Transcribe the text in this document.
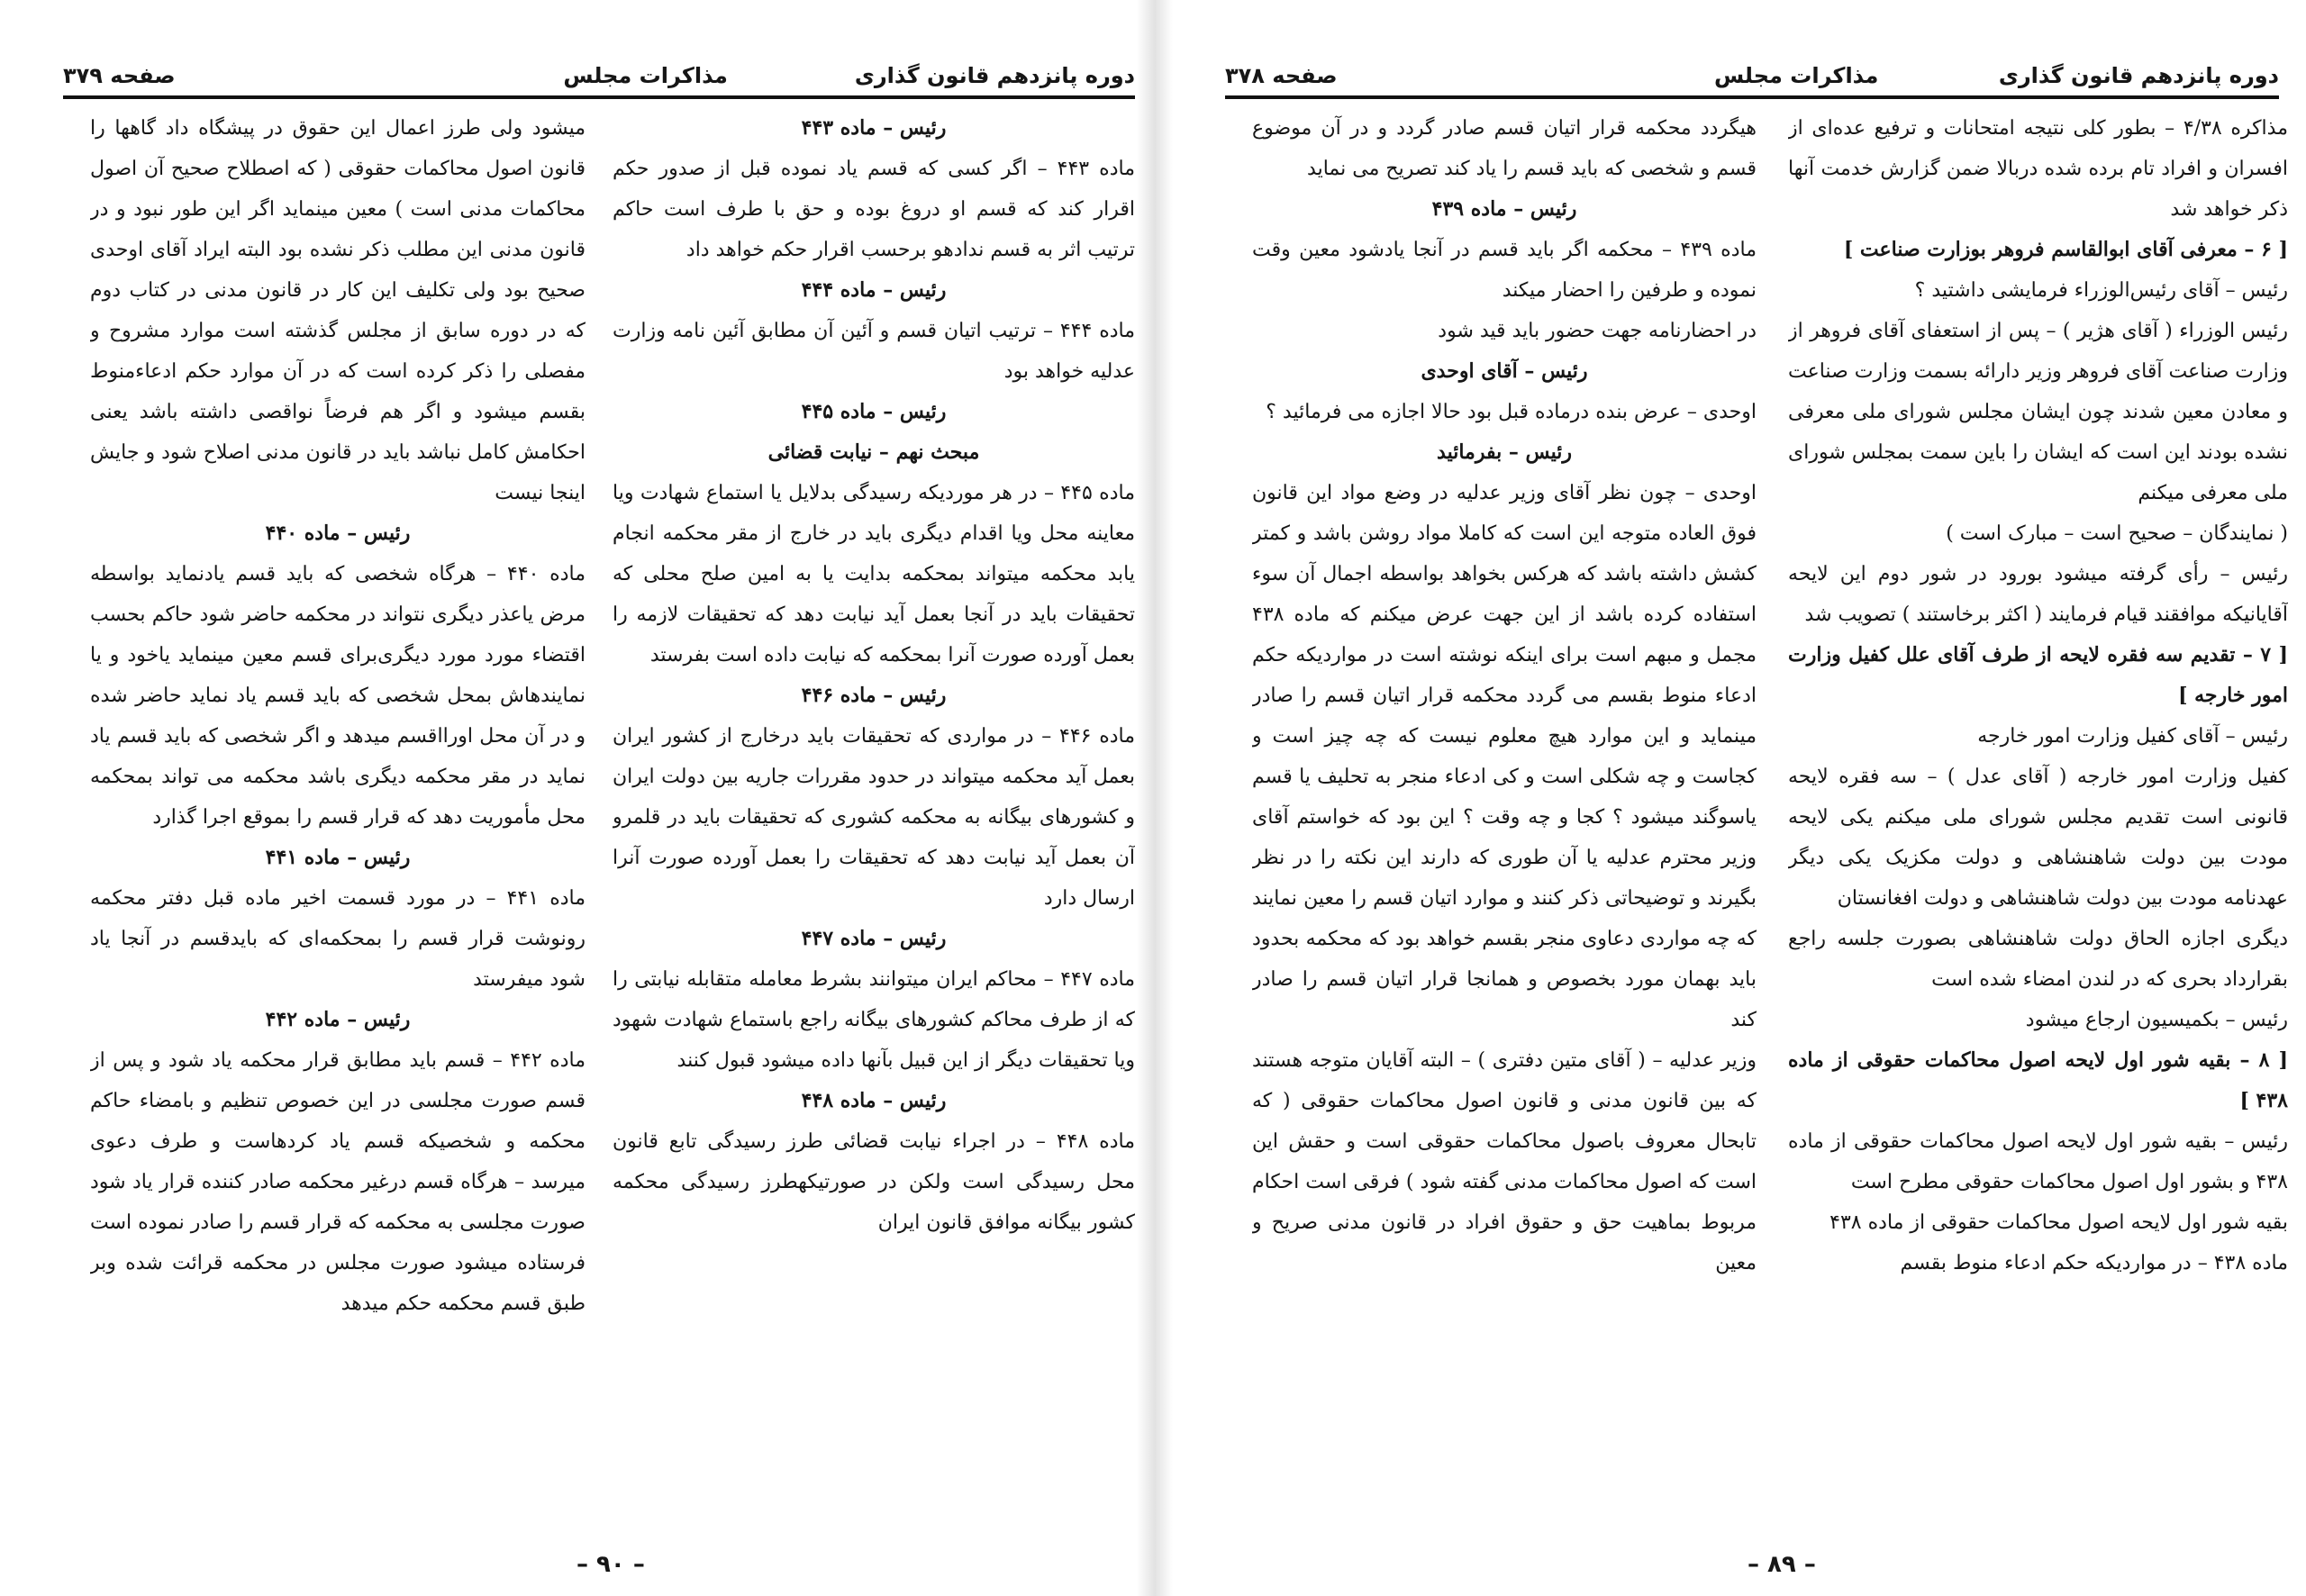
دوره پانزدهم قانون گذاری
مذاکرات مجلس
صفحه ۳۷۹

رئیس – ماده ۴۴۳

ماده ۴۴۳ – اگر کسی که قسم یاد نموده قبل از صدور حکم اقرار کند که قسم او دروغ بوده و حق با طرف است حاکم ترتیب اثر به قسم ندادهو برحسب اقرار حکم خواهد داد

رئیس – ماده ۴۴۴

ماده ۴۴۴ – ترتیب اتیان قسم و آئین آن مطابق آئین نامه وزارت عدلیه خواهد بود

رئیس – ماده ۴۴۵

مبحث نهم – نیابت قضائی

ماده ۴۴۵ – در هر موردیکه رسیدگی بدلایل یا استماع شهادت ویا معاینه محل ویا اقدام دیگری باید در خارج از مقر محکمه انجام یابد محکمه میتواند بمحکمه بدایت یا به امین صلح محلی که تحقیقات باید در آنجا بعمل آید نیابت دهد که تحقیقات لازمه را بعمل آورده صورت آنرا بمحکمه که نیابت داده است بفرستد

رئیس – ماده ۴۴۶

ماده ۴۴۶ – در مواردی که تحقیقات باید درخارج از کشور ایران بعمل آید محکمه میتواند در حدود مقررات جاریه بین دولت ایران و کشورهای بیگانه به محکمه کشوری که تحقیقات باید در قلمرو آن بعمل آید نیابت دهد که تحقیقات را بعمل آورده صورت آنرا ارسال دارد

رئیس – ماده ۴۴۷

ماده ۴۴۷ – محاکم ایران میتوانند بشرط معامله متقابله نیابتی را که از طرف محاکم کشورهای بیگانه راجع باستماع شهادت شهود ویا تحقیقات دیگر از این قبیل بآنها داده میشود قبول کنند

رئیس – ماده ۴۴۸

ماده ۴۴۸ – در اجراء نیابت قضائی طرز رسیدگی تابع قانون محل رسیدگی است ولکن در صورتیکهطرز رسیدگی محکمه کشور بیگانه موافق قانون ایران

میشود ولی طرز اعمال این حقوق در پیشگاه داد گاهها را قانون اصول محاکمات حقوقی ( که اصطلاح صحیح آن اصول محاکمات مدنی است ) معین مینماید اگر این طور نبود و در قانون مدنی این مطلب ذکر نشده بود البته ایراد آقای اوحدی صحیح بود ولی تکلیف این کار در قانون مدنی در کتاب دوم که در دوره سابق از مجلس گذشته است موارد مشروح و مفصلی را ذکر کرده است که در آن موارد حکم ادعاءمنوط بقسم میشود و اگر هم فرضاً نواقصی داشته باشد یعنی احکامش کامل نباشد باید در قانون مدنی اصلاح شود و جایش اینجا نیست

رئیس – ماده ۴۴۰

ماده ۴۴۰ – هرگاه شخصی که باید قسم یادنماید بواسطه مرض یاعذر دیگری نتواند در محکمه حاضر شود حاکم بحسب اقتضاء مورد مورد دیگری‌برای قسم معین مینماید یاخود و یا نمایندهاش بمحل شخصی که باید قسم یاد نماید حاضر شده و در آن محل اورااقسم میدهد و اگر شخصی که باید قسم یاد نماید در مقر محکمه دیگری باشد محکمه می تواند بمحکمه محل مأموریت دهد که قرار قسم را بموقع اجرا گذارد

رئیس – ماده ۴۴۱

ماده ۴۴۱ – در مورد قسمت اخیر ماده قبل دفتر محکمه رونوشت قرار قسم را بمحکمه‌ای که بایدقسم در آنجا یاد شود میفرستد

رئیس – ماده ۴۴۲

ماده ۴۴۲ – قسم باید مطابق قرار محکمه یاد شود و پس از قسم صورت مجلسی در این خصوص تنظیم و بامضاء حاکم محکمه و شخصیکه قسم یاد کردهاست و طرف دعوی میرسد – هرگاه قسم درغیر محکمه صادر کننده قرار یاد شود صورت مجلسی به محکمه که قرار قسم را صادر نموده است فرستاده میشود صورت مجلس در محکمه قرائت شده وبر طبق قسم محکمه حکم میدهد

– ۹۰ –
دوره پانزدهم قانون گذاری
مذاکرات مجلس
صفحه ۳۷۸

مذاکره ۴/۳۸ – بطور کلی نتیجه امتحانات و ترفیع عده‌ای از افسران و افراد تام برده شده دربالا ضمن گزارش خدمت آنها ذکر خواهد شد

[ ۶ – معرفی آقای ابوالقاسم فروهر بوزارت صناعت ]

رئیس – آقای رئیس‌الوزراء فرمایشی داشتید ؟

رئیس الوزراء ( آقای هژیر ) – پس از استعفای آقای فروهر از وزارت صناعت آقای فروهر وزیر دارائه بسمت وزارت صناعت و معادن معین شدند چون ایشان مجلس شورای ملی معرفی نشده بودند این است که ایشان را باین سمت بمجلس شورای ملی معرفی میکنم

( نمایندگان – صحیح است – مبارک است )

رئیس – رأی گرفته میشود بورود در شور دوم این لایحه آقایانیکه موافقند قیام فرمایند ( اکثر برخاستند ) تصویب شد

[ ۷ – تقدیم سه فقره لایحه از طرف آقای علل کفیل وزارت امور خارجه ]

رئیس – آقای کفیل وزارت امور خارجه

کفیل وزارت امور خارجه ( آقای عدل ) – سه فقره لایحه قانونی است تقدیم مجلس شورای ملی میکنم یکی لایحه مودت بین دولت شاهنشاهی و دولت مکزیک یکی دیگر عهدنامه مودت بین دولت شاهنشاهی و دولت افغانستان

دیگری اجازه الحاق دولت شاهنشاهی بصورت جلسه راجع بقرارداد بحری که در لندن امضاء شده است

رئیس – بکمیسیون ارجاع میشود

[ ۸ – بقیه شور اول لایحه اصول محاکمات حقوقی از ماده ۴۳۸ ]

رئیس – بقیه شور اول لایحه اصول محاکمات حقوقی از ماده ۴۳۸ و بشور اول اصول محاکمات حقوقی مطرح است

بقیه شور اول لایحه اصول محاکمات حقوقی از ماده ۴۳۸

ماده ۴۳۸ – در مواردیکه حکم ادعاء منوط بقسم

هیگردد محکمه قرار اتیان قسم صادر گردد و در آن موضوع قسم و شخصی که باید قسم را یاد کند تصریح می نماید

رئیس – ماده ۴۳۹

ماده ۴۳۹ – محکمه اگر باید قسم در آنجا یادشود معین وقت نموده و طرفین را احضار میکند

در احضارنامه جهت حضور باید قید شود

رئیس – آقای اوحدی

اوحدی – عرض بنده درماده قبل بود حالا اجازه می فرمائید ؟

رئیس – بفرمائید

اوحدی – چون نظر آقای وزیر عدلیه در وضع مواد این قانون فوق العاده متوجه این است که کاملا مواد روشن باشد و کمتر کشش داشته باشد که هرکس بخواهد بواسطه اجمال آن سوء استفاده کرده باشد از این جهت عرض میکنم که ماده ۴۳۸ مجمل و مبهم است برای اینکه نوشته است در مواردیکه حکم ادعاء منوط بقسم می گردد محکمه قرار اتیان قسم را صادر مینماید و این موارد هیچ معلوم نیست که چه چیز است و کجاست و چه شکلی است و کی ادعاء منجر به تحلیف یا قسم یاسوگند میشود ؟ کجا و چه وقت ؟ این بود که خواستم آقای وزیر محترم عدلیه یا آن طوری که دارند این نکته را در نظر بگیرند و توضیحاتی ذکر کنند و موارد اتیان قسم را معین نمایند که چه مواردی دعاوی منجر بقسم خواهد بود که محکمه بحدود باید بهمان مورد بخصوص و همانجا قرار اتیان قسم را صادر کند

وزیر عدلیه – ( آقای متین دفتری ) – البته آقایان متوجه هستند که بین قانون مدنی و قانون اصول محاکمات حقوقی ( که تابحال معروف باصول محاکمات حقوقی است و حقش این است که اصول محاکمات مدنی گفته شود ) فرقی است احکام مربوط بماهیت حق و حقوق افراد در قانون مدنی صریح و معین

– ۸۹ –
